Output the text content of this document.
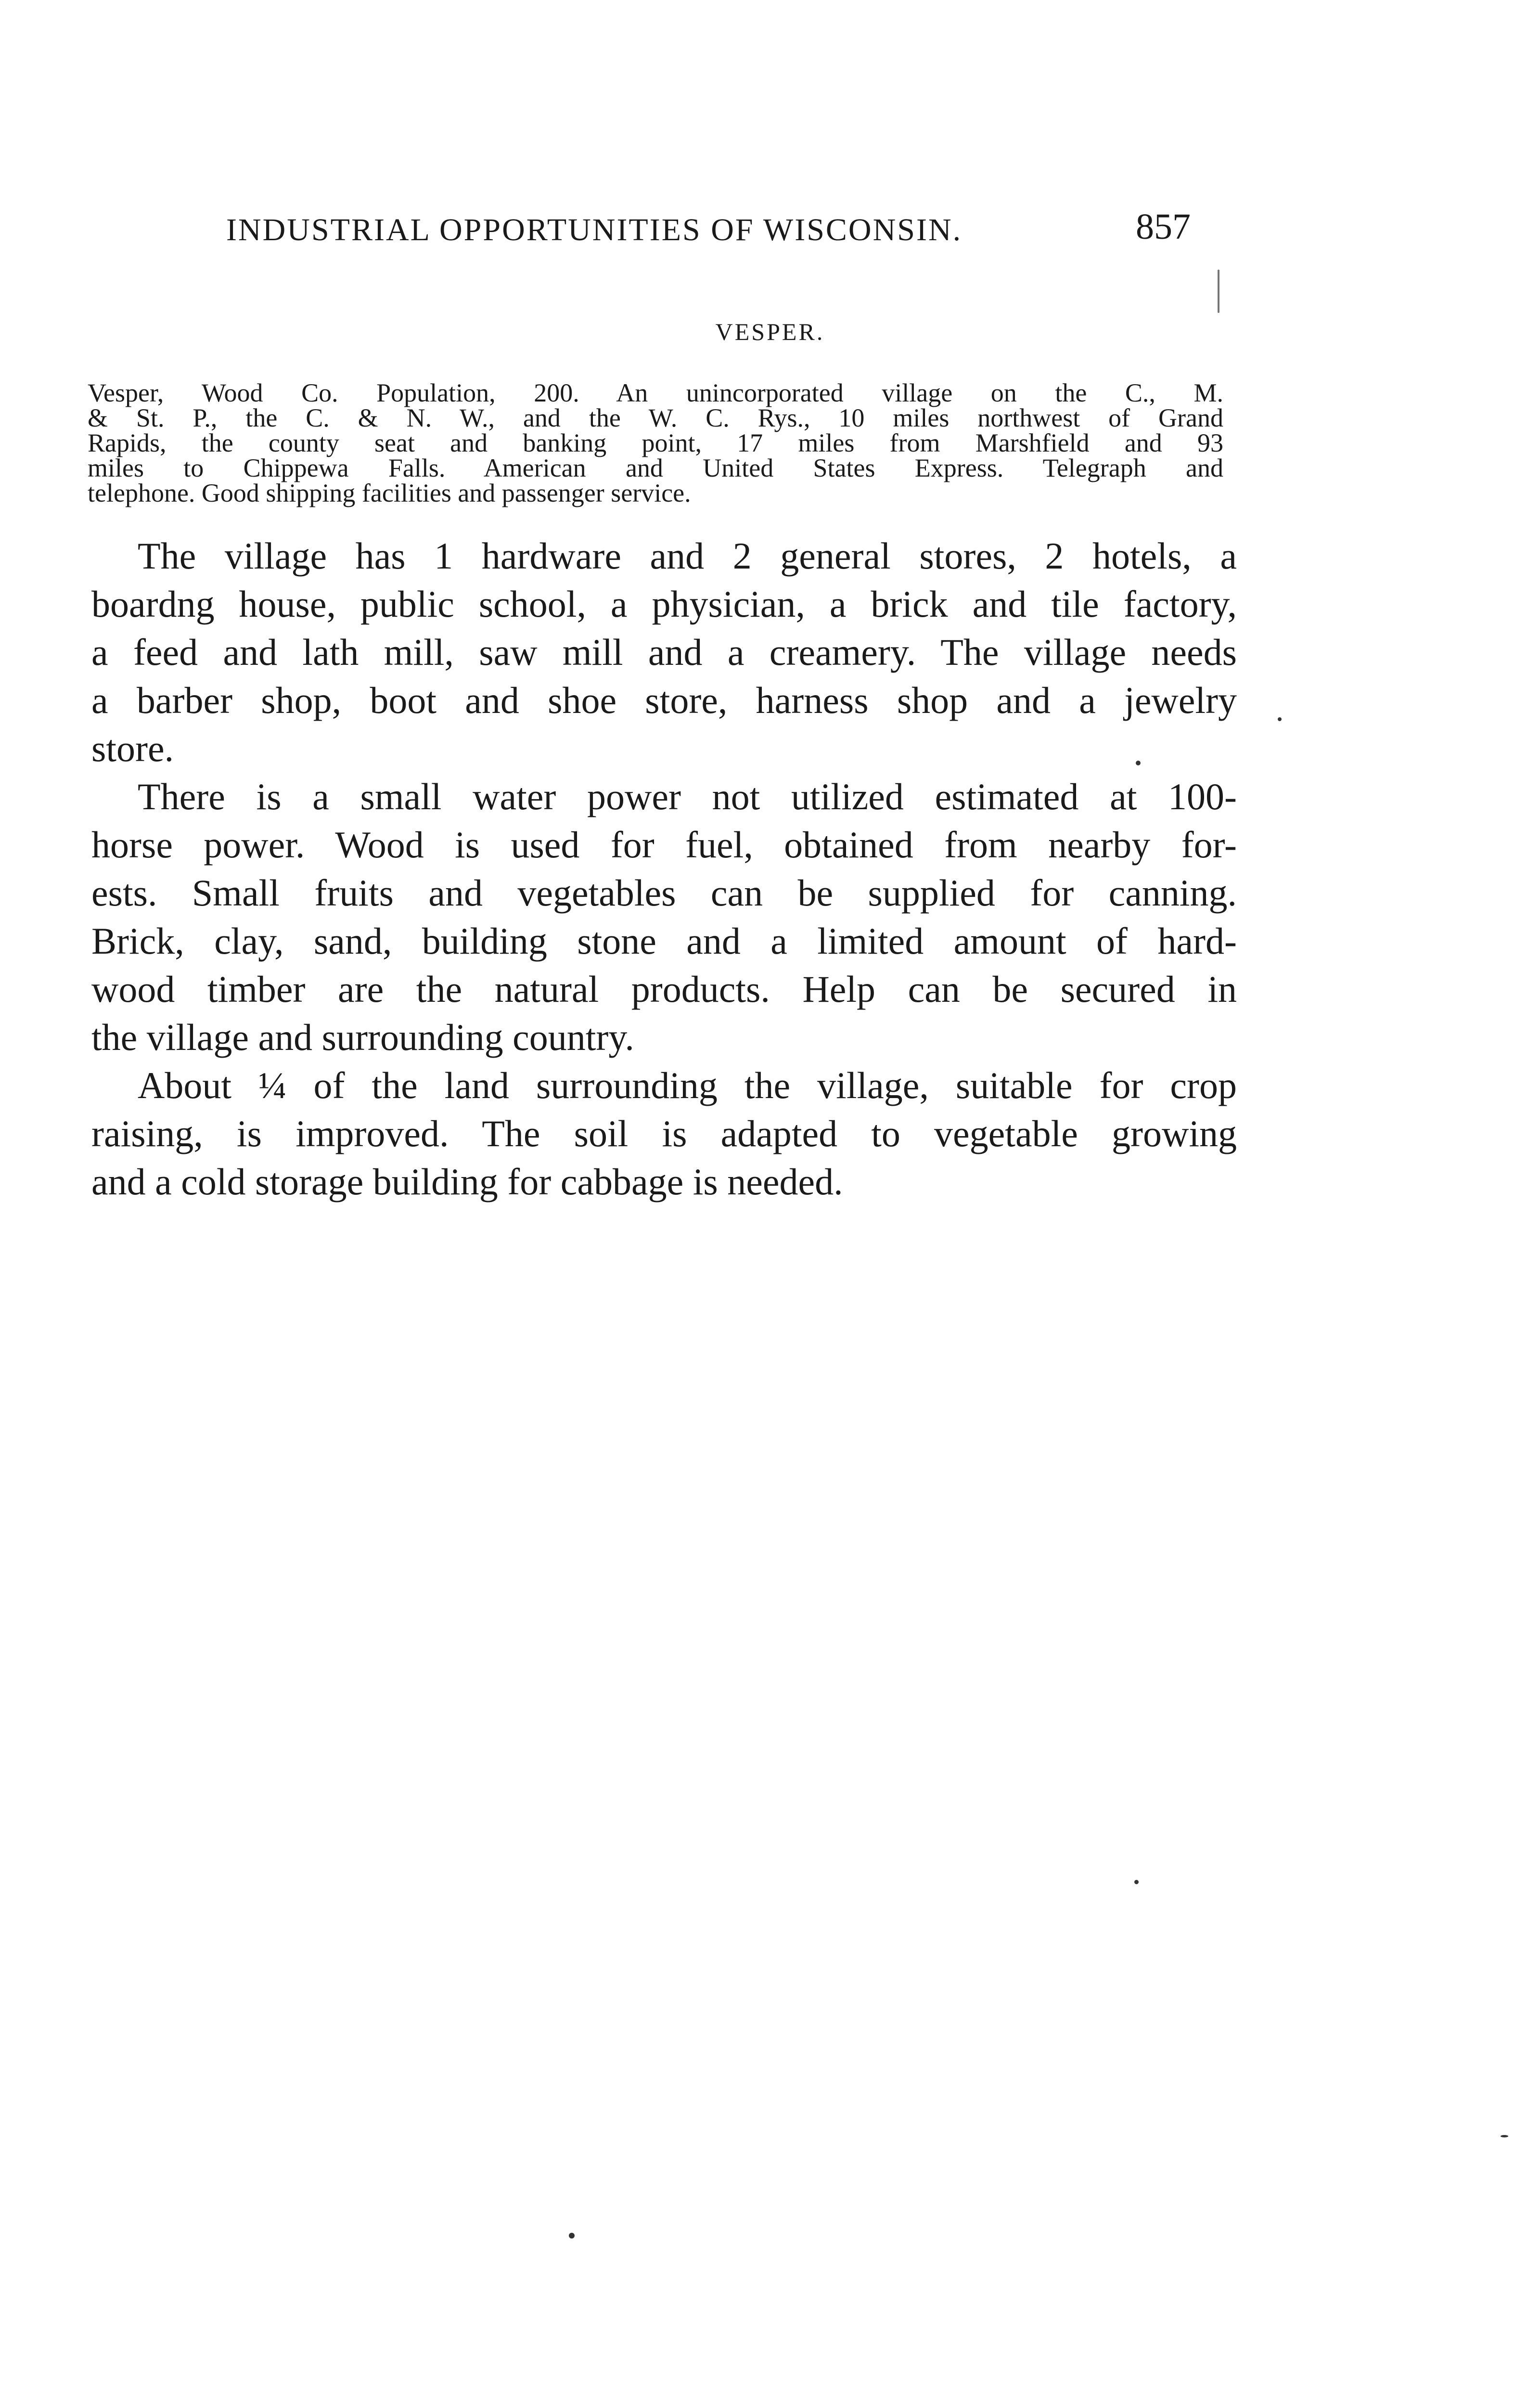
INDUSTRIAL OPPORTUNITIES OF WISCONSIN.	857
VESPER.
Vesper, Wood Co. Population, 200. An unincorporated village on the C., M.
& St. P., the C. & N. W., and the W. C. Rys., 10 miles northwest of Grand
Rapids, the county seat and banking point, 17 miles from Marshfield and 93
miles to Chippewa Falls. American and United States Express. Telegraph and
telephone. Good shipping facilities and passenger service.

The village has 1 hardware and 2 general stores, 2 hotels, a
boardng house, public school, a physician, a brick and tile factory,
a feed and lath mill, saw mill and a creamery. The village needs
a barber shop, boot and shoe store, harness shop and a jewelry
store.

There is a small water power not utilized estimated at 100-
horse power. Wood is used for fuel, obtained from nearby for-
ests. Small fruits and vegetables can be supplied for canning.
Brick, clay, sand, building stone and a limited amount of hard-
wood timber are the natural products. Help can be secured in
the village and surrounding country.

About ¼ of the land surrounding the village, suitable for crop
raising, is improved. The soil is adapted to vegetable growing
and a cold storage building for cabbage is needed.
